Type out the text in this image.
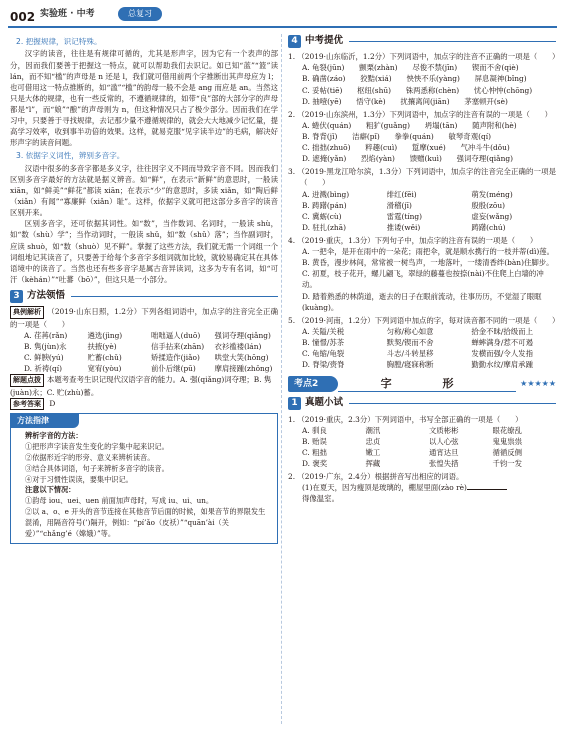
002 实验班 · 中考	总复习

2. 把握规律，识记特殊。

汉字的读音，往往是有规律可循的，尤其是形声字，因为它有一个表声的部分，因而我们要善于把握这一特点，就可以帮助我们去识记。如已知“蓝”“篮”读 lán，而不知“槛”的声母是 n 还是 l，我们就可借用前两个字推断出其声母应为 l；也可借用这一特点推断的，如“滥”“槛”的韵母一般不会是 ang 而应是 an。当然这只是大体的规律，也有一些反常的，不遵循规律的，如带“良”部的大部分字的声母都是“l”，而“娘”“酿”的声母则为 n，但这种情况只占了极少部分。因而我们在学习中，只要善于寻找规律，去记那少量不遵循规律的，就会大大地减少记忆量，提高学习效率，收到事半功倍的效果。这样，就易克服“见字读半边”的毛病，解决好形声字的读音问题。

3. 依据字义词性，辨别多音字。

汉语中很多的多音字都是多义字，往往因字义不同而导致字音不同。因而我们区别多音字最好的方法就是据义辨音。如“鲜”，在表示“新鲜”的意思时，一般读 xiān，如“鲜美”“鲜花”都读 xiān；在表示“少”的意思时，多读 xiǎn，如“陶后鲜（xiǎn）有闻”“寡廉鲜（xiǎn）耻”。这样，依据字义就可把这部分多音字的读音区别开来。

区别多音字，还可依据其词性。如“数”，当作数词、名词时，一般读 shù，如“数（shù）学”；当作动词时，一般读 shǔ，如“数（shǔ）落”；当作副词时，应读 shuò，如“数（shuò）见不鲜”。掌握了这些方法，我们就无需一个词组一个词组地记其读音了，只要善于给每个多音字多组词就加比较，就较易确定其在具体语境中的读音了。当然也还有些多音字是属古音异读词，这多为专有名词，如“可汗（kèhán）”“吐蕃（bō）”，但这只是一小部分。

3 方法领悟

典例解析 （2019·山东日照，1.2分）下列各组词语中，加点字的注音完全正确的一项是（　　）

A. 荏苒(rǎn)	遴选(jìng)	咄咄逼人(duō)	强词夺理(qiǎng)
B. 隽(jùn)永	扶掖(yè)	信手拈来(zhān)	衣衫褴褛(lán)
C. 鲜腴(yú)	贮蓄(chǔ)	矫揉造作(jiǎo)	哄堂大笑(hōng)
D. 祈祷(qí)	宽宥(yòu)	前仆后继(pū)	摩肩接踵(zhǒng)

解题点拨 本题考查考生识记现代汉语字音的能力。A. 强(qiǎng)词夺理；B. 隽(juàn)永；C. 贮(zhù)蓄。

参考答案 D

方法指津

辨析字音的方法：

①把形声字读音发生变化的字集中起来识记。

②依据形近字的形旁、意义来辨析读音。

③结合具体词语，句子来辨析多音字的读音。

④对于习惯性误读，要集中识记。

注意以下情况：

①韵母 iou、uei、uen 前面加声母时，写成 iu、ui、un。

②以 a、o、e 开头的音节连接在其他音节后面的时候，如果音节的界限发生混淆，用隔音符号(’)隔开，例如：“pí’ǎo（皮袄）”“quān’ài（关爱）”“chǎng’é（嫦娥）”等。

4 中考提优

1. （2019·山东临沂，1.2分）下列词语中，加点字的注音不正确的一项是（　　）

A. 龟裂(jūn)　　颤栗(zhàn)　　尽俊不禁(jīn)　　锲而不舍(qiè)

B. 确凿(záo)　　狡黠(xiá)　　怏怏不乐(yàng)　　屏息凝神(bǐng)

C. 妥帖(tiē)　　枢纽(shū)　　铢两悉称(chèn)　　忧心忡忡(chōng)

D. 抽噎(yē)　　悟守(kè)　　扰攘离间(jiān)　　茅塞顿开(sè)

2. （2019·山东滨州，1.3分）下列词语中，加点字的注音有误的一项是（　　）

A. 蜷伏(quán)　　粗犷(guǎng)　　坍塌(tān)　　随声附和(hè)

B. 脊背(jǐ)　　洁癖(pǐ)　　拳拳(quán)　　敏琴奇观(qí)

C. 拙拙(zhuō)　　粹趣(cuì)　　踅摩(xué)　　气冲斗牛(dǒu)

D. 遮掩(yǎn)　　烈焰(yàn)　　馈赠(kuì)　　强词夺理(qiǎng)

3. （2019·黑龙江哈尔滨，1.3分）下列词语中，加点字的注音完全正确的一项是（　　）

A. 迸溅(bìng)	绯红(fēi)	萌发(méng)
B. 踌躇(pán)	滑稽(jī)	殷殷(zōu)
C. 冀蛎(cù)	雷霆(tíng)	虚妄(wǎng)
D. 驻扎(zhā)	推诿(wěi)	踌躇(chú)

4. （2019·重庆，1.3分）下列句子中，加点字的注音有误的一项是（　　）

A. 一把伞，是开在雨中的一朵花；雨把伞，就是顺水携行的一枝并蒂(dì)莲。

B. 黄昏，漫步林间，常常被一树鸟声，一地落叶，一缕清香绊(bàn)住脚步。

C. 初夏，枝子花开，螺儿翩飞，翠绿的藤蔓也按捺(nài)不住爬上白墙的冲动。

D. 踏着熟悉的林荫道，逝去的日子在眼前流动，往事历历，不觉湿了眼眶(kuàng)。

5. （2019·河南，1.2分）下列词语中加点的字，每对读音都不同的一项是（　　）

A. 关隘/关税	匀称/称心如意	拾金不昧/拾级而上
B. 憧憬/苏茶	默契/锲而不舍	蝉蟀满身/惹不可遏
C. 龟缩/龟裂	斗志/斗转星移	发横而强/令人发指
D. 脊梁/赍脊	胸膛/寝寐称断	勤勤水纹/摩肩承踵
考点2	字　形	★★★★★
1 真题小试

1. （2019·重庆，2.3分）下列词语中，书写全部正确的一项是（　　）

A. 驯良	潮汛	文质彬彬	眼花缭乱
B. 贻误	忠贞	以人心弦	鬼鬼祟祟
C. 粗拙	嫩工	通宵达旦	循循反侧
D. 褒奖	挥藏	张惶失措	千钧一发

2. （2019·广东，2.4分）根据拼音写出相应的词语。

(1)在夏天，因为瘦顶是玻璃的，棚屋里面(zào rè)

得像温室。
